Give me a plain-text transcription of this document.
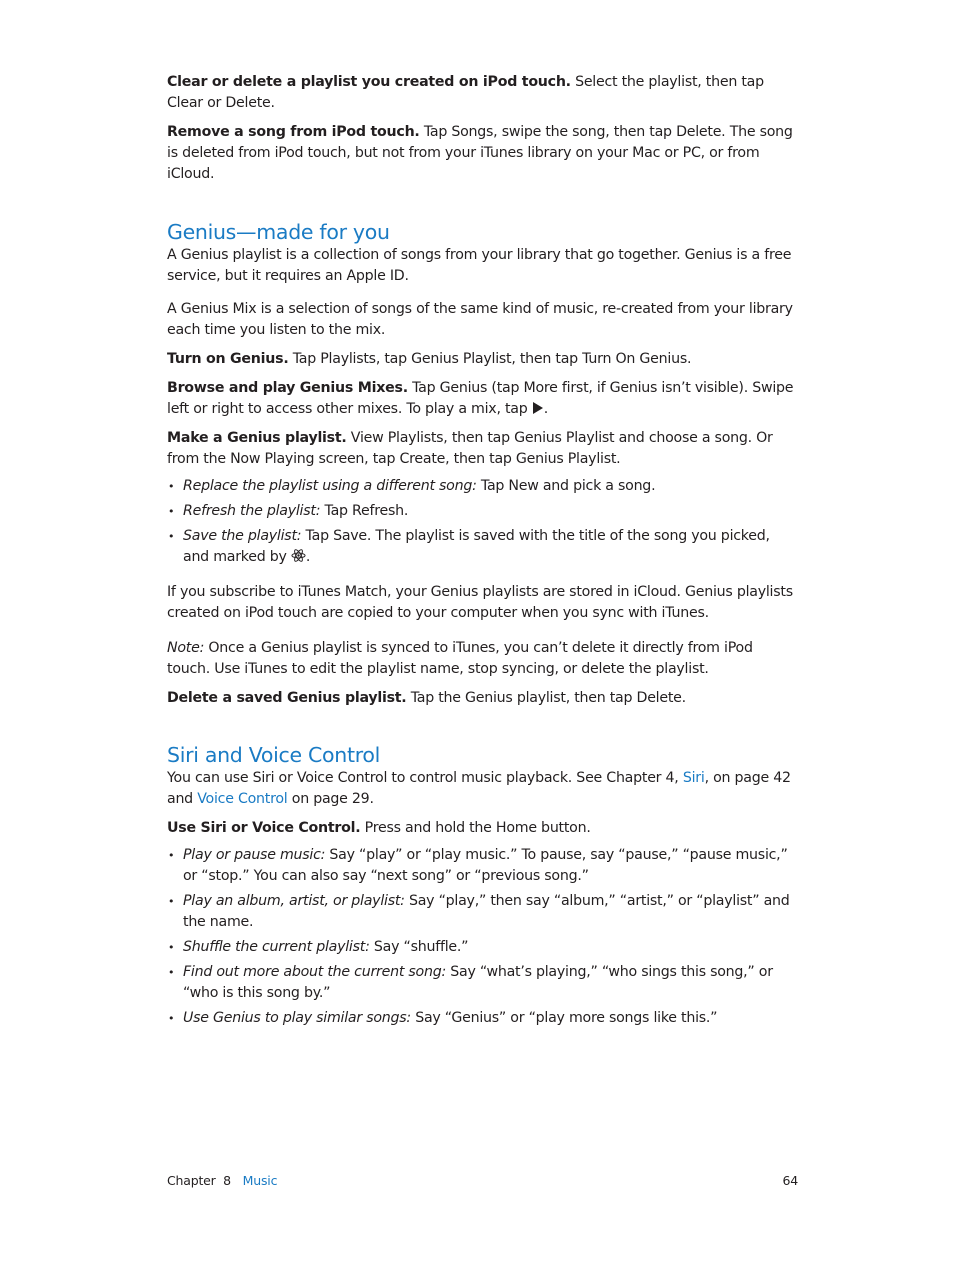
Clear or delete a playlist you created on iPod touch. Select the playlist, then tap Clear or Delete.

Remove a song from iPod touch. Tap Songs, swipe the song, then tap Delete. The song is deleted from iPod touch, but not from your iTunes library on your Mac or PC, or from iCloud.

Genius—made for you

A Genius playlist is a collection of songs from your library that go together. Genius is a free service, but it requires an Apple ID.

A Genius Mix is a selection of songs of the same kind of music, re-created from your library each time you listen to the mix.

Turn on Genius. Tap Playlists, tap Genius Playlist, then tap Turn On Genius.

Browse and play Genius Mixes. Tap Genius (tap More first, if Genius isn’t visible). Swipe left or right to access other mixes. To play a mix, tap .

Make a Genius playlist. View Playlists, then tap Genius Playlist and choose a song. Or from the Now Playing screen, tap Create, then tap Genius Playlist.

• Replace the playlist using a different song: Tap New and pick a song.
• Refresh the playlist: Tap Refresh.
• Save the playlist: Tap Save. The playlist is saved with the title of the song you picked, and marked by .

If you subscribe to iTunes Match, your Genius playlists are stored in iCloud. Genius playlists created on iPod touch are copied to your computer when you sync with iTunes.

Note: Once a Genius playlist is synced to iTunes, you can’t delete it directly from iPod touch. Use iTunes to edit the playlist name, stop syncing, or delete the playlist.

Delete a saved Genius playlist. Tap the Genius playlist, then tap Delete.

Siri and Voice Control

You can use Siri or Voice Control to control music playback. See Chapter 4, Siri, on page 42 and Voice Control on page 29.

Use Siri or Voice Control. Press and hold the Home button.

• Play or pause music: Say “play” or “play music.” To pause, say “pause,” “pause music,” or “stop.” You can also say “next song” or “previous song.”
• Play an album, artist, or playlist: Say “play,” then say “album,” “artist,” or “playlist” and the name.
• Shuffle the current playlist: Say “shuffle.”
• Find out more about the current song: Say “what’s playing,” “who sings this song,” or “who is this song by.”
• Use Genius to play similar songs: Say “Genius” or “play more songs like this.”
Chapter  8 Music	64
